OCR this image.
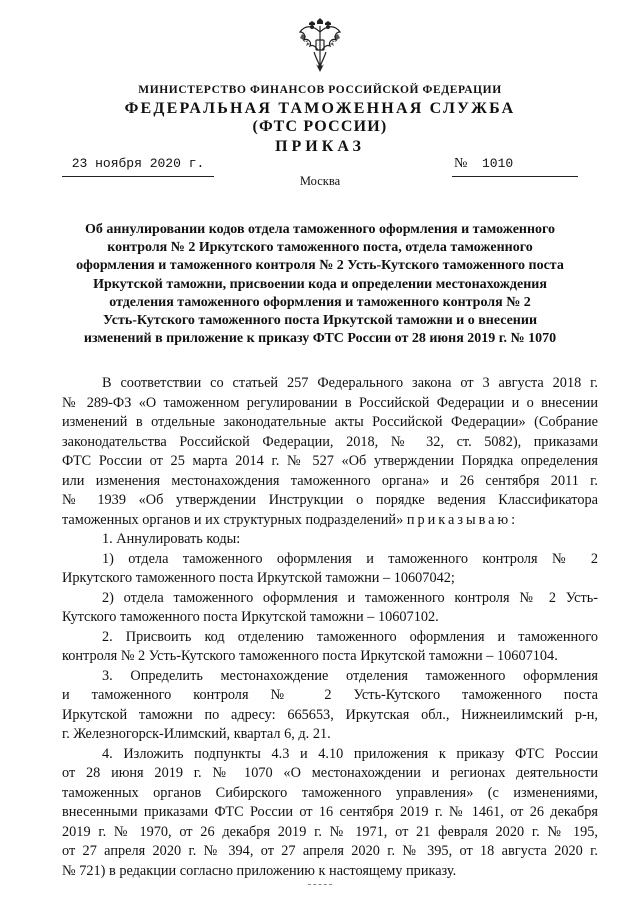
МИНИСТЕРСТВО ФИНАНСОВ РОССИЙСКОЙ ФЕДЕРАЦИИ
ФЕДЕРАЛЬНАЯ ТАМОЖЕННАЯ СЛУЖБА
(ФТС РОССИИ)
ПРИКАЗ
23 ноября 2020 г.	№ 1010
Москва
Об аннулировании кодов отдела таможенного оформления и таможенного
контроля № 2 Иркутского таможенного поста, отдела таможенного
оформления и таможенного контроля № 2 Усть-Кутского таможенного поста
Иркутской таможни, присвоении кода и определении местонахождения
отделения таможенного оформления и таможенного контроля № 2
Усть-Кутского таможенного поста Иркутской таможни и о внесении
изменений в приложение к приказу ФТС России от 28 июня 2019 г. № 1070
В соответствии со статьей 257 Федерального закона от 3 августа 2018 г.
№ 289-ФЗ «О таможенном регулировании в Российской Федерации и о внесении
изменений в отдельные законодательные акты Российской Федерации» (Собрание
законодательства Российской Федерации, 2018, № 32, ст. 5082), приказами
ФТС России от 25 марта 2014 г. № 527 «Об утверждении Порядка определения
или изменения местонахождения таможенного органа» и 26 сентября 2011 г.
№ 1939 «Об утверждении Инструкции о порядке ведения Классификатора
таможенных органов и их структурных подразделений» приказываю:
1. Аннулировать коды:
1) отдела таможенного оформления и таможенного контроля № 2
Иркутского таможенного поста Иркутской таможни – 10607042;
2) отдела таможенного оформления и таможенного контроля № 2 Усть-
Кутского таможенного поста Иркутской таможни – 10607102.
2. Присвоить код отделению таможенного оформления и таможенного
контроля № 2 Усть-Кутского таможенного поста Иркутской таможни – 10607104.
3. Определить местонахождение отделения таможенного оформления
и таможенного контроля № 2 Усть-Кутского таможенного поста
Иркутской таможни по адресу: 665653, Иркутская обл., Нижнеилимский р-н,
г. Железногорск-Илимский, квартал 6, д. 21.
4. Изложить подпункты 4.3 и 4.10 приложения к приказу ФТС России
от 28 июня 2019 г. № 1070 «О местонахождении и регионах деятельности
таможенных органов Сибирского таможенного управления» (с изменениями,
внесенными приказами ФТС России от 16 сентября 2019 г. № 1461, от 26 декабря
2019 г. № 1970, от 26 декабря 2019 г. № 1971, от 21 февраля 2020 г. № 195,
от 27 апреля 2020 г. № 394, от 27 апреля 2020 г. № 395, от 18 августа 2020 г.
№ 721) в редакции согласно приложению к настоящему приказу.
